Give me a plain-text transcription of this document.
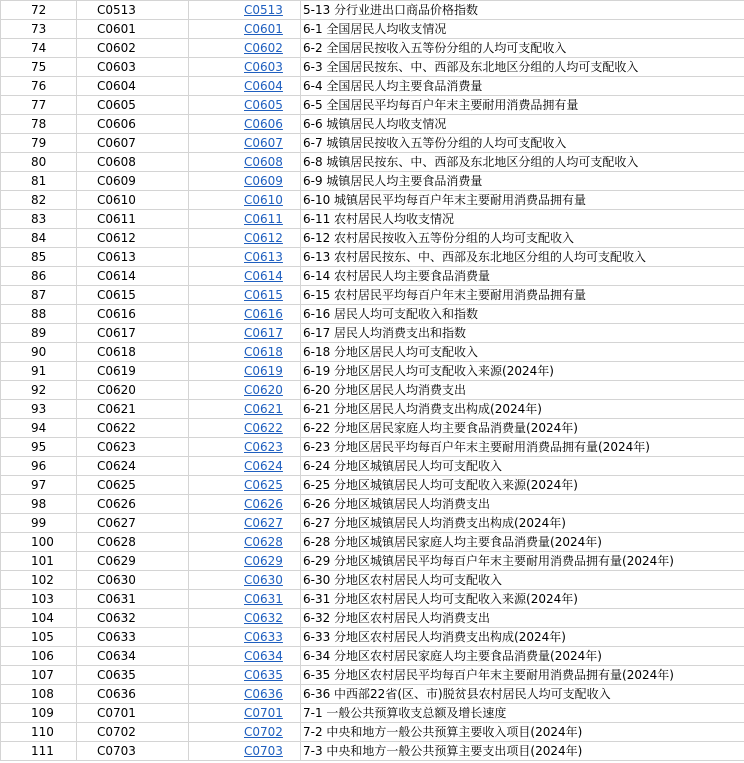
72	C0513	C0513	5-13 分行业进出口商品价格指数
73	C0601	C0601	6-1 全国居民人均收支情况
74	C0602	C0602	6-2 全国居民按收入五等份分组的人均可支配收入
75	C0603	C0603	6-3 全国居民按东、中、西部及东北地区分组的人均可支配收入
76	C0604	C0604	6-4 全国居民人均主要食品消费量
77	C0605	C0605	6-5 全国居民平均每百户年末主要耐用消费品拥有量
78	C0606	C0606	6-6 城镇居民人均收支情况
79	C0607	C0607	6-7 城镇居民按收入五等份分组的人均可支配收入
80	C0608	C0608	6-8 城镇居民按东、中、西部及东北地区分组的人均可支配收入
81	C0609	C0609	6-9 城镇居民人均主要食品消费量
82	C0610	C0610	6-10 城镇居民平均每百户年末主要耐用消费品拥有量
83	C0611	C0611	6-11 农村居民人均收支情况
84	C0612	C0612	6-12 农村居民按收入五等份分组的人均可支配收入
85	C0613	C0613	6-13 农村居民按东、中、西部及东北地区分组的人均可支配收入
86	C0614	C0614	6-14 农村居民人均主要食品消费量
87	C0615	C0615	6-15 农村居民平均每百户年末主要耐用消费品拥有量
88	C0616	C0616	6-16 居民人均可支配收入和指数
89	C0617	C0617	6-17 居民人均消费支出和指数
90	C0618	C0618	6-18 分地区居民人均可支配收入
91	C0619	C0619	6-19 分地区居民人均可支配收入来源(2024年)
92	C0620	C0620	6-20 分地区居民人均消费支出
93	C0621	C0621	6-21 分地区居民人均消费支出构成(2024年)
94	C0622	C0622	6-22 分地区居民家庭人均主要食品消费量(2024年)
95	C0623	C0623	6-23 分地区居民平均每百户年末主要耐用消费品拥有量(2024年)
96	C0624	C0624	6-24 分地区城镇居民人均可支配收入
97	C0625	C0625	6-25 分地区城镇居民人均可支配收入来源(2024年)
98	C0626	C0626	6-26 分地区城镇居民人均消费支出
99	C0627	C0627	6-27 分地区城镇居民人均消费支出构成(2024年)
100	C0628	C0628	6-28 分地区城镇居民家庭人均主要食品消费量(2024年)
101	C0629	C0629	6-29 分地区城镇居民平均每百户年末主要耐用消费品拥有量(2024年)
102	C0630	C0630	6-30 分地区农村居民人均可支配收入
103	C0631	C0631	6-31 分地区农村居民人均可支配收入来源(2024年)
104	C0632	C0632	6-32 分地区农村居民人均消费支出
105	C0633	C0633	6-33 分地区农村居民人均消费支出构成(2024年)
106	C0634	C0634	6-34 分地区农村居民家庭人均主要食品消费量(2024年)
107	C0635	C0635	6-35 分地区农村居民平均每百户年末主要耐用消费品拥有量(2024年)
108	C0636	C0636	6-36 中西部22省(区、市)脱贫县农村居民人均可支配收入
109	C0701	C0701	7-1 一般公共预算收支总额及增长速度
110	C0702	C0702	7-2 中央和地方一般公共预算主要收入项目(2024年)
111	C0703	C0703	7-3 中央和地方一般公共预算主要支出项目(2024年)
